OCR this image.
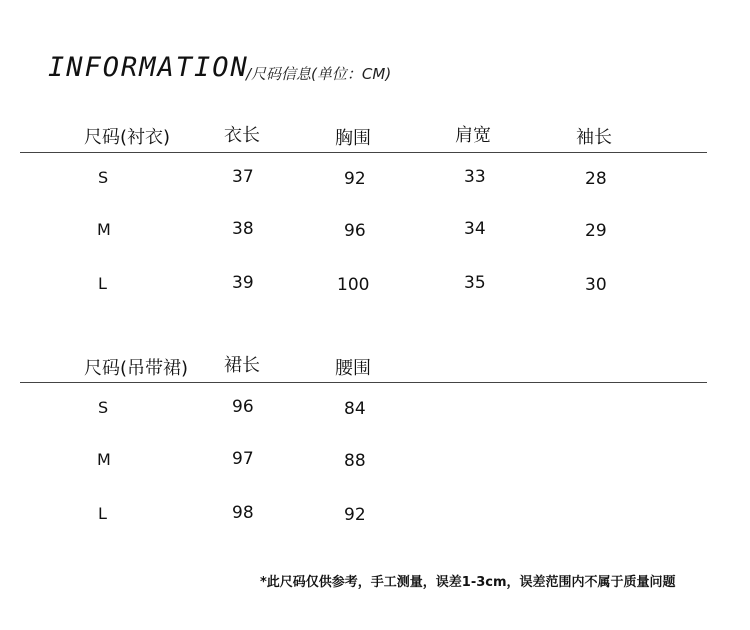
INFORMATION
/尺码信息(单位：CM)
尺码(衬衣)	衣长	胸围	肩宽	袖长
S	37	92	33	28
M	38	96	34	29
L	39	100	35	30
尺码(吊带裙) 裙长	腰围
S	96	84
M	97	88
L	98	92
*此尺码仅供参考，手工测量，误差1-3cm，误差范围内不属于质量问题
